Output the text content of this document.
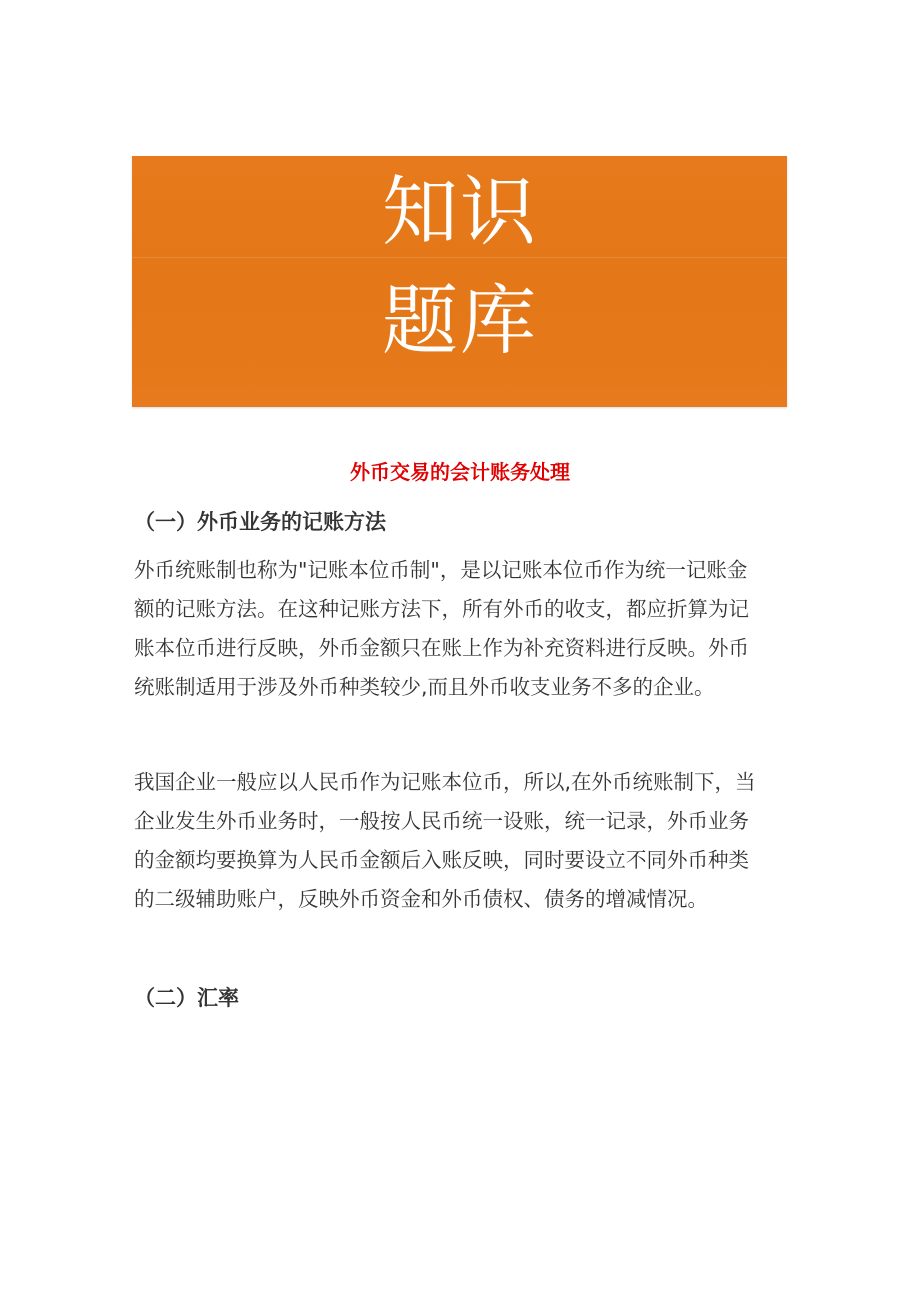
知识
题库
外币交易的会计账务处理
（一）外币业务的记账方法

外币统账制也称为"记账本位币制"，是以记账本位币作为统一记账金
额的记账方法。在这种记账方法下，所有外币的收支，都应折算为记
账本位币进行反映，外币金额只在账上作为补充资料进行反映。外币
统账制适用于涉及外币种类较少,而且外币收支业务不多的企业。

我国企业一般应以人民币作为记账本位币，所以,在外币统账制下，当
企业发生外币业务时，一般按人民币统一设账，统一记录，外币业务
的金额均要换算为人民币金额后入账反映，同时要设立不同外币种类
的二级辅助账户，反映外币资金和外币债权、债务的增减情况。

（二）汇率
